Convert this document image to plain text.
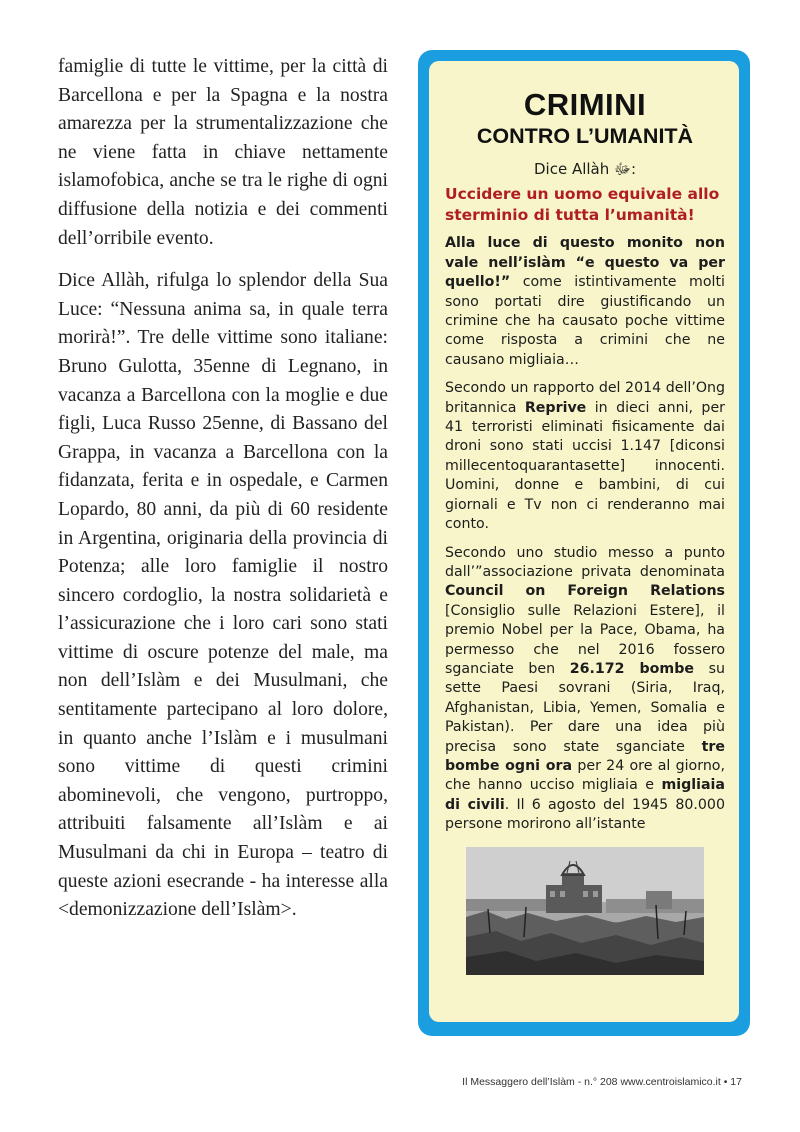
famiglie di tutte le vittime, per la città di Barcellona e per la Spagna e la nostra amarezza per la strumentalizzazione che ne viene fatta in chiave nettamente islamofobica, anche se tra le righe di ogni diffusione della notizia e dei commenti dell’orribile evento.

Dice Allàh, rifulga lo splendor della Sua Luce: “Nessuna anima sa, in quale terra morirà!”. Tre delle vittime sono italiane: Bruno Gulotta, 35enne di Legnano, in vacanza a Barcellona con la moglie e due figli, Luca Russo 25enne, di Bassano del Grappa, in vacanza a Barcellona con la fidanzata, ferita e in ospedale, e Carmen Lopardo, 80 anni, da più di 60 residente in Argentina, originaria della provincia di Potenza; alle loro famiglie il nostro sincero cordoglio, la nostra solidarietà e l’assicurazione che i loro cari sono stati vittime di oscure potenze del male, ma non dell’Islàm e dei Musulmani, che sentitamente partecipano al loro dolore, in quanto anche l’Islàm e i musulmani sono vittime di questi crimini abominevoli, che vengono, purtroppo, attribuiti falsamente all’Islàm e ai Musulmani da chi in Europa – teatro di queste azioni esecrande - ha interesse alla <demonizzazione dell’Islàm>.

CRIMINI
CONTRO L’UMANITÀ
Dice Allàh ﷻ:
Uccidere un uomo equivale allo sterminio di tutta l’umanità!

Alla luce di questo monito non vale nell’islàm “e questo va per quello!” come istintivamente molti sono portati dire giustificando un crimine che ha causato poche vittime come risposta a crimini che ne causano migliaia…

Secondo un rapporto del 2014 dell’Ong britannica Reprive in dieci anni, per 41 terroristi eliminati fisicamente dai droni sono stati uccisi 1.147 [diconsi millecentoquarantasette] innocenti. Uomini, donne e bambini, di cui giornali e Tv non ci renderanno mai conto.

Secondo uno studio messo a punto dall’”associazione privata denominata Council on Foreign Relations [Consiglio sulle Relazioni Estere], il premio Nobel per la Pace, Obama, ha permesso che nel 2016 fossero sganciate ben 26.172 bombe su sette Paesi sovrani (Siria, Iraq, Afghanistan, Libia, Yemen, Somalia e Pakistan). Per dare una idea più precisa sono state sganciate tre bombe ogni ora per 24 ore al giorno, che hanno ucciso migliaia e migliaia di civili. Il 6 agosto del 1945 80.000 persone morirono all’istante

Il Messaggero dell’Islàm - n.° 208 www.centroislamico.it • 17
